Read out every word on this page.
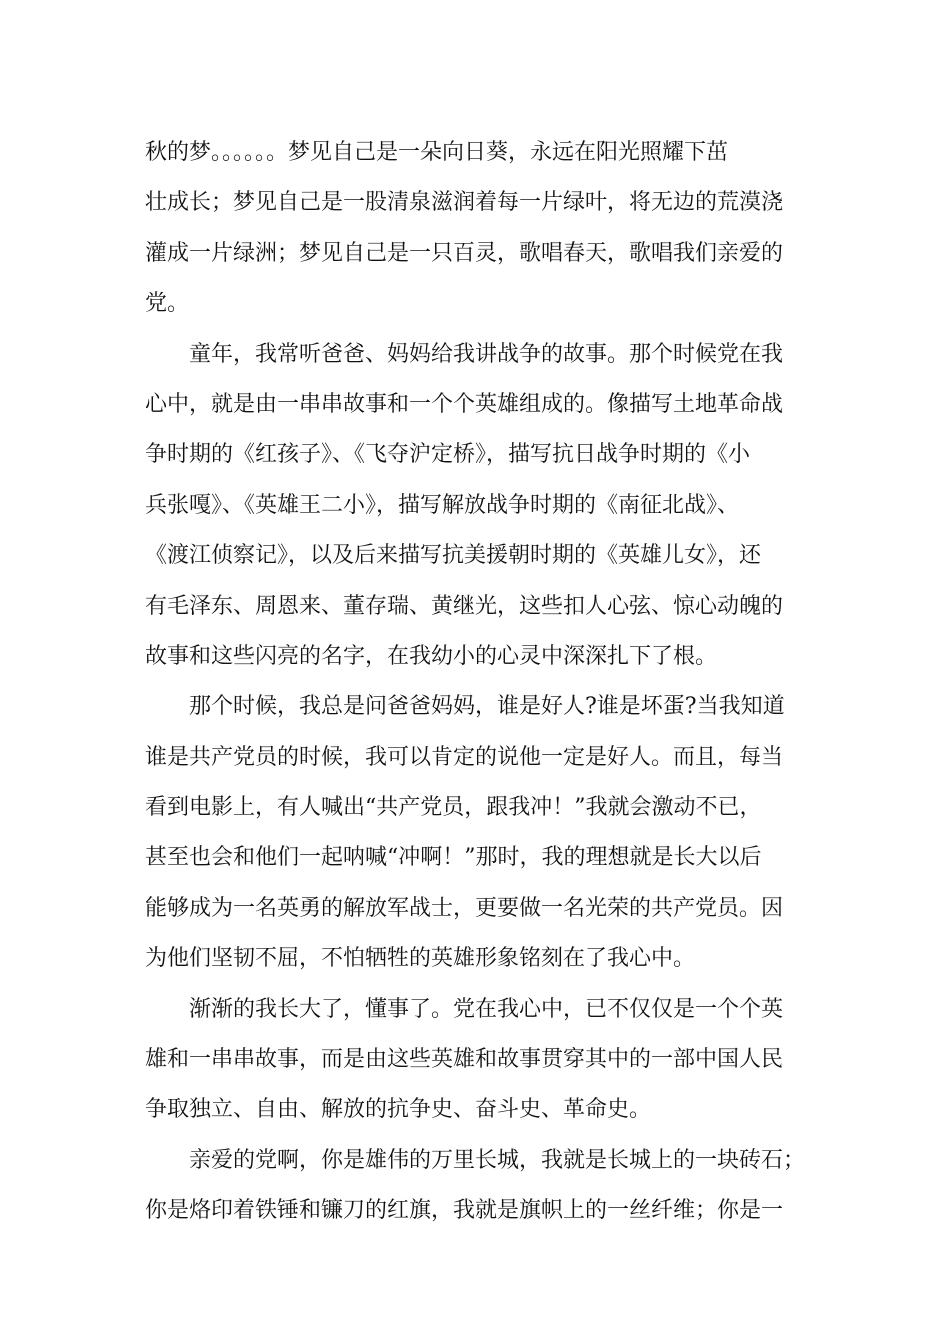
秋的梦。。。。。。梦见自己是一朵向日葵，永远在阳光照耀下茁
壮成长；梦见自己是一股清泉滋润着每一片绿叶，将无边的荒漠浇
灌成一片绿洲；梦见自己是一只百灵，歌唱春天，歌唱我们亲爱的
党。
　　童年，我常听爸爸、妈妈给我讲战争的故事。那个时候党在我
心中，就是由一串串故事和一个个英雄组成的。像描写土地革命战
争时期的《红孩子》、《飞夺沪定桥》，描写抗日战争时期的《小
兵张嘎》、《英雄王二小》，描写解放战争时期的《南征北战》、
《渡江侦察记》，以及后来描写抗美援朝时期的《英雄儿女》，还
有毛泽东、周恩来、董存瑞、黄继光，这些扣人心弦、惊心动魄的
故事和这些闪亮的名字，在我幼小的心灵中深深扎下了根。
　　那个时候，我总是问爸爸妈妈，谁是好人?谁是坏蛋?当我知道
谁是共产党员的时候，我可以肯定的说他一定是好人。而且，每当
看到电影上，有人喊出“共产党员，跟我冲！”我就会激动不已，
甚至也会和他们一起呐喊“冲啊！”那时，我的理想就是长大以后
能够成为一名英勇的解放军战士，更要做一名光荣的共产党员。因
为他们坚韧不屈，不怕牺牲的英雄形象铭刻在了我心中。
　　渐渐的我长大了，懂事了。党在我心中，已不仅仅是一个个英
雄和一串串故事，而是由这些英雄和故事贯穿其中的一部中国人民
争取独立、自由、解放的抗争史、奋斗史、革命史。
　　亲爱的党啊，你是雄伟的万里长城，我就是长城上的一块砖石；
你是烙印着铁锤和镰刀的红旗，我就是旗帜上的一丝纤维；你是一
